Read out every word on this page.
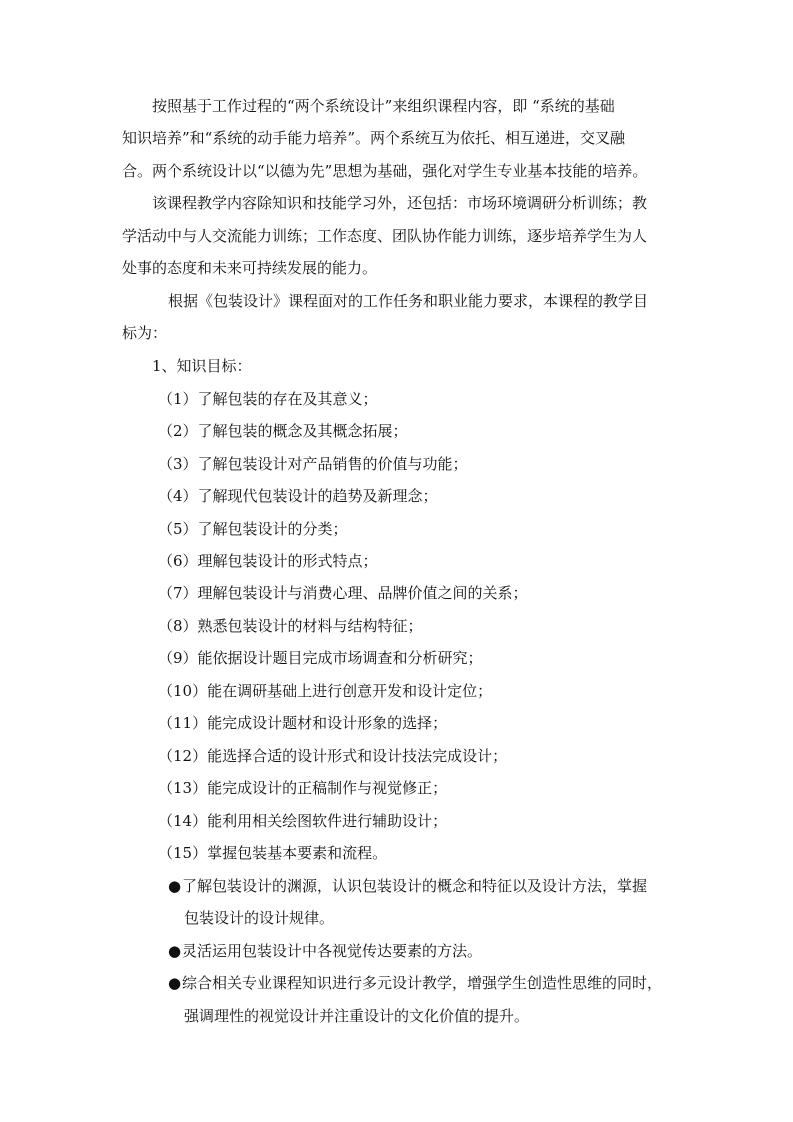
按照基于工作过程的“两个系统设计”来组织课程内容，即 “系统的基础
知识培养”和“系统的动手能力培养”。两个系统互为依托、相互递进，交叉融
合。两个系统设计以“以德为先”思想为基础，强化对学生专业基本技能的培养。
该课程教学内容除知识和技能学习外，还包括：市场环境调研分析训练；教
学活动中与人交流能力训练；工作态度、团队协作能力训练，逐步培养学生为人
处事的态度和未来可持续发展的能力。
根据《包装设计》课程面对的工作任务和职业能力要求，本课程的教学目
标为：
1、知识目标：
（1）了解包装的存在及其意义；
（2）了解包装的概念及其概念拓展；
（3）了解包装设计对产品销售的价值与功能；
（4）了解现代包装设计的趋势及新理念；
（5）了解包装设计的分类；
（6）理解包装设计的形式特点；
（7）理解包装设计与消费心理、品牌价值之间的关系；
（8）熟悉包装设计的材料与结构特征；
（9）能依据设计题目完成市场调查和分析研究；
（10）能在调研基础上进行创意开发和设计定位；
（11）能完成设计题材和设计形象的选择；
（12）能选择合适的设计形式和设计技法完成设计；
（13）能完成设计的正稿制作与视觉修正；
（14）能利用相关绘图软件进行辅助设计；
（15）掌握包装基本要素和流程。
●了解包装设计的渊源，认识包装设计的概念和特征以及设计方法，掌握
包装设计的设计规律。
●灵活运用包装设计中各视觉传达要素的方法。
●综合相关专业课程知识进行多元设计教学，增强学生创造性思维的同时，
强调理性的视觉设计并注重设计的文化价值的提升。
